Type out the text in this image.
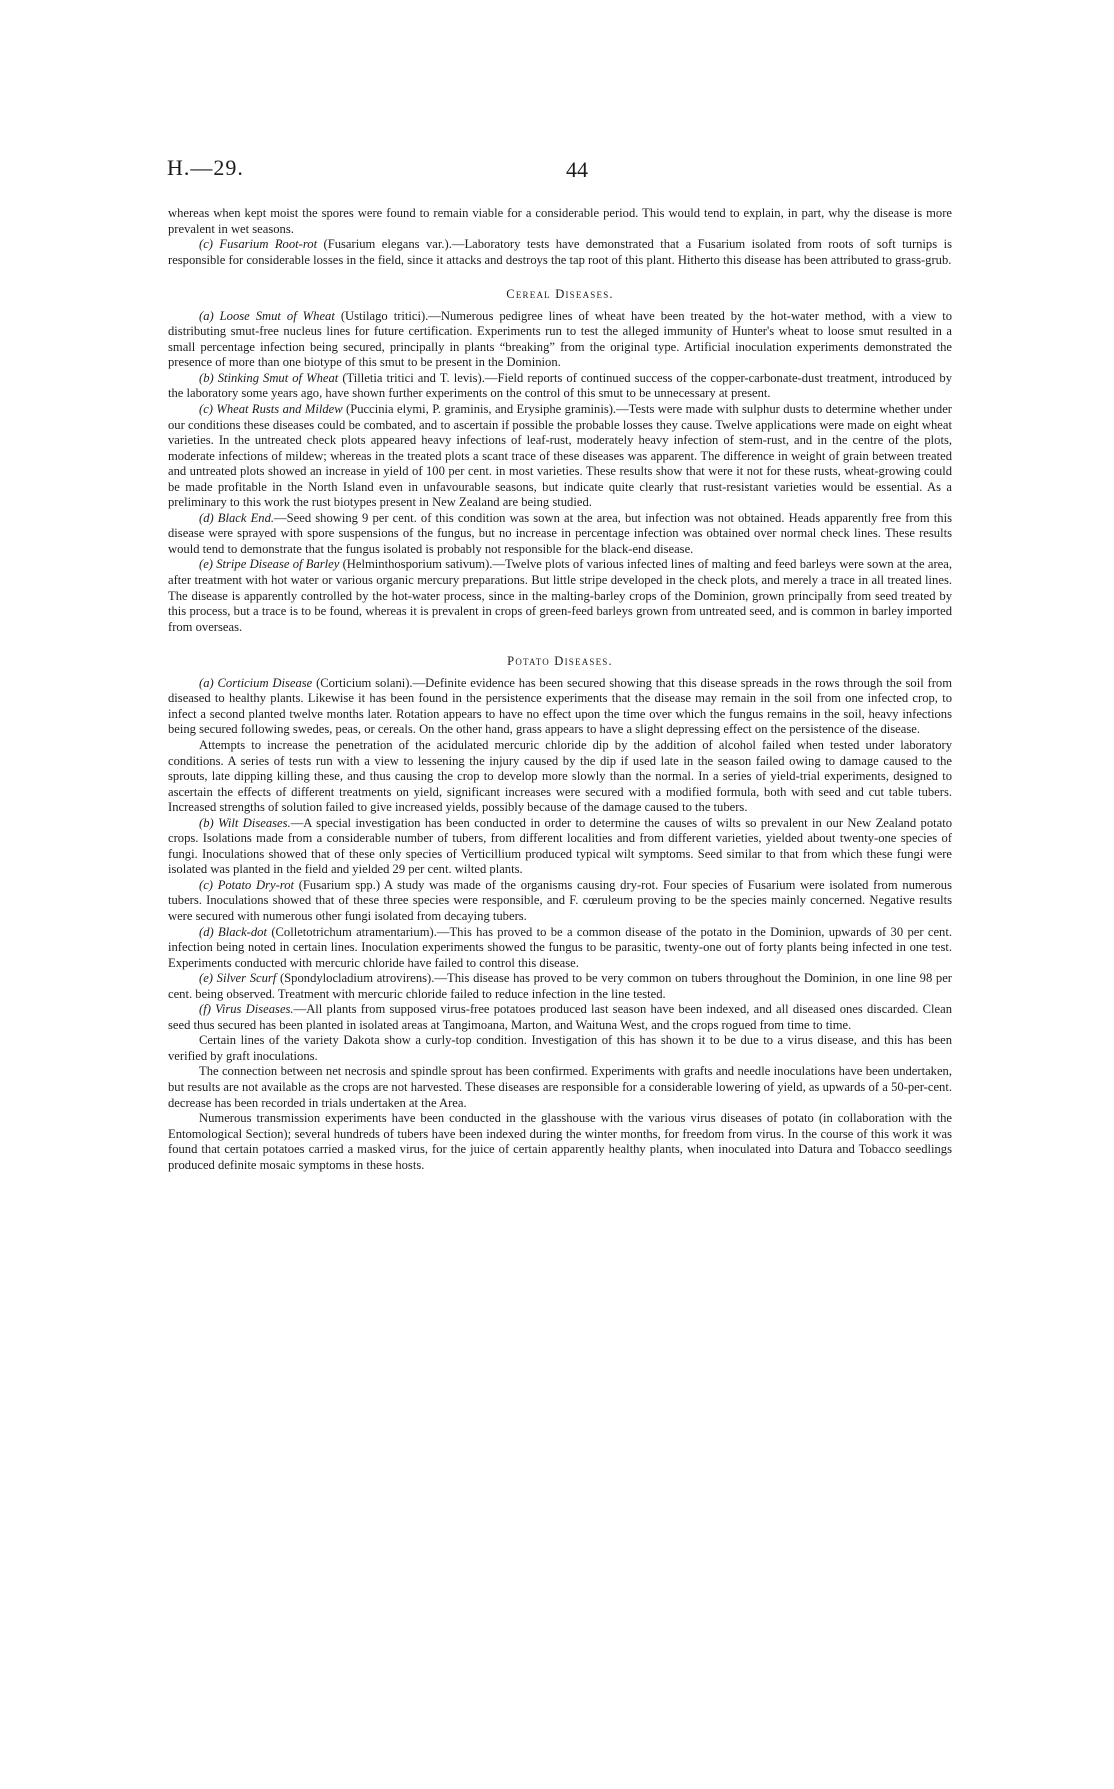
H.—29.	44

whereas when kept moist the spores were found to remain viable for a considerable period. This would tend to explain, in part, why the disease is more prevalent in wet seasons.

(c) Fusarium Root-rot (Fusarium elegans var.).—Laboratory tests have demonstrated that a Fusarium isolated from roots of soft turnips is responsible for considerable losses in the field, since it attacks and destroys the tap root of this plant. Hitherto this disease has been attributed to grass-grub.

Cereal Diseases.

(a) Loose Smut of Wheat (Ustilago tritici).—Numerous pedigree lines of wheat have been treated by the hot-water method, with a view to distributing smut-free nucleus lines for future certification. Experiments run to test the alleged immunity of Hunter's wheat to loose smut resulted in a small percentage infection being secured, principally in plants “breaking” from the original type. Artificial inoculation experiments demonstrated the presence of more than one biotype of this smut to be present in the Dominion.

(b) Stinking Smut of Wheat (Tilletia tritici and T. levis).—Field reports of continued success of the copper-carbonate-dust treatment, introduced by the laboratory some years ago, have shown further experiments on the control of this smut to be unnecessary at present.

(c) Wheat Rusts and Mildew (Puccinia elymi, P. graminis, and Erysiphe graminis).—Tests were made with sulphur dusts to determine whether under our conditions these diseases could be combated, and to ascertain if possible the probable losses they cause. Twelve applications were made on eight wheat varieties. In the untreated check plots appeared heavy infections of leaf-rust, moderately heavy infection of stem-rust, and in the centre of the plots, moderate infections of mildew; whereas in the treated plots a scant trace of these diseases was apparent. The difference in weight of grain between treated and untreated plots showed an increase in yield of 100 per cent. in most varieties. These results show that were it not for these rusts, wheat-growing could be made profitable in the North Island even in unfavourable seasons, but indicate quite clearly that rust-resistant varieties would be essential. As a preliminary to this work the rust biotypes present in New Zealand are being studied.

(d) Black End.—Seed showing 9 per cent. of this condition was sown at the area, but infection was not obtained. Heads apparently free from this disease were sprayed with spore suspensions of the fungus, but no increase in percentage infection was obtained over normal check lines. These results would tend to demonstrate that the fungus isolated is probably not responsible for the black-end disease.

(e) Stripe Disease of Barley (Helminthosporium sativum).—Twelve plots of various infected lines of malting and feed barleys were sown at the area, after treatment with hot water or various organic mercury preparations. But little stripe developed in the check plots, and merely a trace in all treated lines. The disease is apparently controlled by the hot-water process, since in the malting-barley crops of the Dominion, grown principally from seed treated by this process, but a trace is to be found, whereas it is prevalent in crops of green-feed barleys grown from untreated seed, and is common in barley imported from overseas.

Potato Diseases.

(a) Corticium Disease (Corticium solani).—Definite evidence has been secured showing that this disease spreads in the rows through the soil from diseased to healthy plants. Likewise it has been found in the persistence experiments that the disease may remain in the soil from one infected crop, to infect a second planted twelve months later. Rotation appears to have no effect upon the time over which the fungus remains in the soil, heavy infections being secured following swedes, peas, or cereals. On the other hand, grass appears to have a slight depressing effect on the persistence of the disease.

Attempts to increase the penetration of the acidulated mercuric chloride dip by the addition of alcohol failed when tested under laboratory conditions. A series of tests run with a view to lessening the injury caused by the dip if used late in the season failed owing to damage caused to the sprouts, late dipping killing these, and thus causing the crop to develop more slowly than the normal. In a series of yield-trial experiments, designed to ascertain the effects of different treatments on yield, significant increases were secured with a modified formula, both with seed and cut table tubers. Increased strengths of solution failed to give increased yields, possibly because of the damage caused to the tubers.

(b) Wilt Diseases.—A special investigation has been conducted in order to determine the causes of wilts so prevalent in our New Zealand potato crops. Isolations made from a considerable number of tubers, from different localities and from different varieties, yielded about twenty-one species of fungi. Inoculations showed that of these only species of Verticillium produced typical wilt symptoms. Seed similar to that from which these fungi were isolated was planted in the field and yielded 29 per cent. wilted plants.

(c) Potato Dry-rot (Fusarium spp.) A study was made of the organisms causing dry-rot. Four species of Fusarium were isolated from numerous tubers. Inoculations showed that of these three species were responsible, and F. cœruleum proving to be the species mainly concerned. Negative results were secured with numerous other fungi isolated from decaying tubers.

(d) Black-dot (Colletotrichum atramentarium).—This has proved to be a common disease of the potato in the Dominion, upwards of 30 per cent. infection being noted in certain lines. Inoculation experiments showed the fungus to be parasitic, twenty-one out of forty plants being infected in one test. Experiments conducted with mercuric chloride have failed to control this disease.

(e) Silver Scurf (Spondylocladium atrovirens).—This disease has proved to be very common on tubers throughout the Dominion, in one line 98 per cent. being observed. Treatment with mercuric chloride failed to reduce infection in the line tested.

(f) Virus Diseases.—All plants from supposed virus-free potatoes produced last season have been indexed, and all diseased ones discarded. Clean seed thus secured has been planted in isolated areas at Tangimoana, Marton, and Waituna West, and the crops rogued from time to time.

Certain lines of the variety Dakota show a curly-top condition. Investigation of this has shown it to be due to a virus disease, and this has been verified by graft inoculations.

The connection between net necrosis and spindle sprout has been confirmed. Experiments with grafts and needle inoculations have been undertaken, but results are not available as the crops are not harvested. These diseases are responsible for a considerable lowering of yield, as upwards of a 50-per-cent. decrease has been recorded in trials undertaken at the Area.

Numerous transmission experiments have been conducted in the glasshouse with the various virus diseases of potato (in collaboration with the Entomological Section); several hundreds of tubers have been indexed during the winter months, for freedom from virus. In the course of this work it was found that certain potatoes carried a masked virus, for the juice of certain apparently healthy plants, when inoculated into Datura and Tobacco seedlings produced definite mosaic symptoms in these hosts.
